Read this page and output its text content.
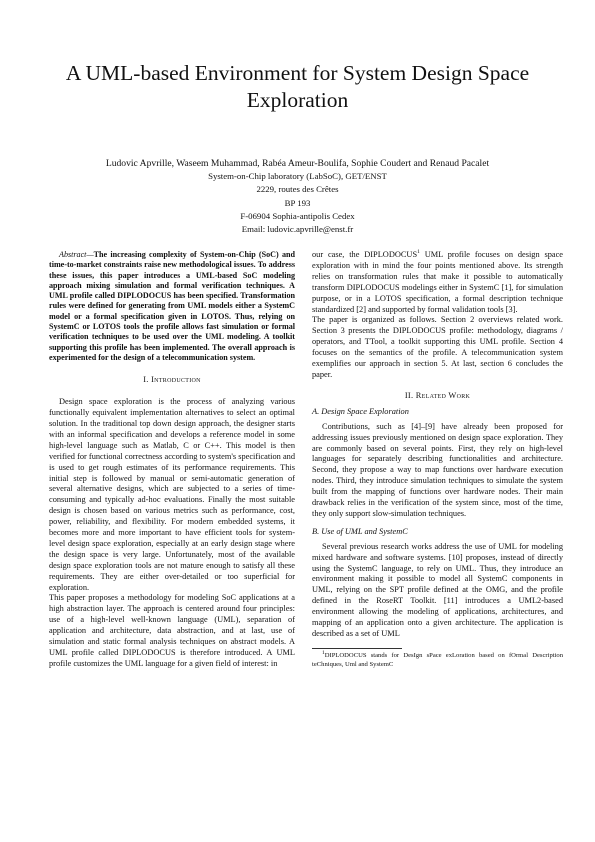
A UML-based Environment for System Design Space Exploration
Ludovic Apvrille, Waseem Muhammad, Rabéa Ameur-Boulifa, Sophie Coudert and Renaud Pacalet
System-on-Chip laboratory (LabSoC), GET/ENST
2229, routes des Crêtes
BP 193
F-06904 Sophia-antipolis Cedex
Email: ludovic.apvrille@enst.fr
Abstract — The increasing complexity of System-on-Chip (SoC) and time-to-market constraints raise new methodological issues. To address these issues, this paper introduces a UML-based SoC modeling approach mixing simulation and formal verification techniques. A UML profile called DIPLODOCUS has been specified. Transformation rules were defined for generating from UML models either a SystemC model or a formal specification given in LOTOS. Thus, relying on SystemC or LOTOS tools the profile allows fast simulation or formal verification techniques to be used over the UML modeling. A toolkit supporting this profile has been implemented. The overall approach is experimented for the design of a telecommunication system.
I. Introduction

Design space exploration is the process of analyzing various functionally equivalent implementation alternatives to select an optimal solution. In the traditional top down design approach, the designer starts with an informal specification and develops a reference model in some high-level language such as Matlab, C or C++. This model is then verified for functional correctness according to system's specification and is used to get rough estimates of its performance requirements. This initial step is followed by manual or semi-automatic generation of several alternative designs, which are subjected to a series of time-consuming and typically ad-hoc evaluations. Finally the most suitable design is chosen based on various metrics such as performance, cost, power, reliability, and flexibility. For modern embedded systems, it becomes more and more important to have efficient tools for system-level design space exploration, especially at an early design stage where the design space is very large. Unfortunately, most of the available design space exploration tools are not mature enough to satisfy all these requirements. They are either over-detailed or too superficial for exploration.

This paper proposes a methodology for modeling SoC applications at a high abstraction layer. The approach is centered around four principles: use of a high-level well-known language (UML), separation of application and architecture, data abstraction, and at last, use of simulation and static formal analysis techniques on abstract models. A UML profile called DIPLODOCUS is therefore introduced. A UML profile customizes the UML language for a given field of interest: in

our case, the DIPLODOCUS$^1$ UML profile focuses on design space exploration with in mind the four points mentioned above. Its strength relies on transformation rules that make it possible to automatically transform DIPLODOCUS modelings either in SystemC [1], for simulation purpose, or in a LOTOS specification, a formal description technique standardized [2] and supported by formal validation tools [3].

The paper is organized as follows. Section 2 overviews related work. Section 3 presents the DIPLODOCUS profile: methodology, diagrams / operators, and TTool, a toolkit supporting this UML profile. Section 4 focuses on the semantics of the profile. A telecommunication system exemplifies our approach in section 5. At last, section 6 concludes the paper.

II. Related Work
A. Design Space Exploration

Contributions, such as [4]–[9] have already been proposed for addressing issues previously mentioned on design space exploration. They are commonly based on several points. First, they rely on high-level languages for separately describing functionalities and architecture. Second, they propose a way to map functions over hardware execution nodes. Third, they introduce simulation techniques to simulate the system built from the mapping of functions over hardware nodes. Their main drawback relies in the verification of the system since, most of the time, they only support slow-simulation techniques.

B. Use of UML and SystemC

Several previous research works address the use of UML for modeling mixed hardware and software systems. [10] proposes, instead of directly using the SystemC language, to rely on UML. Thus, they introduce an environment making it possible to model all SystemC components in UML, relying on the SPT profile defined at the OMG, and the profile defined in the RoseRT Toolkit. [11] introduces a UML2-based environment allowing the modeling of applications, architectures, and mapping of an application onto a given architecture. The application is described as a set of UML

$^1$DIPLODOCUS stands for DesIgn sPace exLoration based on fOrmal Description teChniques, Uml and SystemC
